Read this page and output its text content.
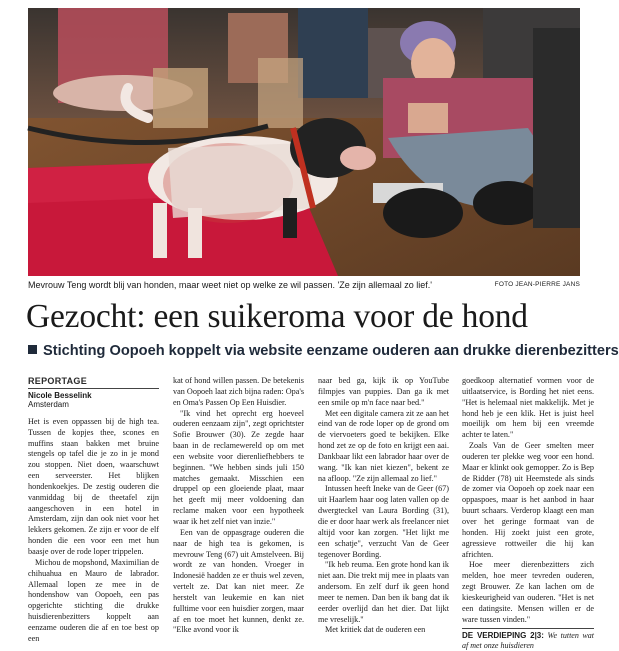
Mevrouw Teng wordt blij van honden, maar weet niet op welke ze wil passen. 'Ze zijn allemaal zo lief.'	FOTO JEAN-PIERRE JANS
Gezocht: een suikeroma voor de hond
Stichting Oopoeh koppelt via website eenzame ouderen aan drukke dierenbezitters
REPORTAGE
Nicole Besselink
Amsterdam

Het is even oppassen bij de high tea. Tussen de kopjes thee, scones en muffins staan bakken met bruine stengels op tafel die je zo in je mond zou stoppen. Niet doen, waarschuwt een serveerster. Het blijken hondenkoekjes. De zestig ouderen die vanmiddag bij de theetafel zijn aangeschoven in een hotel in Amsterdam, zijn dan ook niet voor het lekkers gekomen. Ze zijn er voor de elf honden die een voor een met hun baasje over de rode loper trippelen.

Michou de mopshond, Maximilian de chihuahua en Mauro de labrador. Allemaal lopen ze mee in de hondenshow van Oopoeh, een pas opgerichte stichting die drukke huisdierenbezitters koppelt aan eenzame ouderen die af en toe best op een

kat of hond willen passen. De betekenis van Oopoeh laat zich bijna raden: Opa's en Oma's Passen Op Een Huisdier.

"Ik vind het oprecht erg hoeveel ouderen eenzaam zijn", zegt oprichtster Sofie Brouwer (30). Ze zegde haar baan in de reclamewereld op om met een website voor dierenliefhebbers te beginnen. "We hebben sinds juli 150 matches gemaakt. Misschien een druppel op een gloeiende plaat, maar het geeft mij meer voldoening dan reclame maken voor een hypotheek waar ik het zelf niet van inzie."

Een van de oppasgrage ouderen die naar de high tea is gekomen, is mevrouw Teng (67) uit Amstelveen. Bij wordt ze van honden. Vroeger in Indonesië hadden ze er thuis wel zeven, vertelt ze. Dat kan niet meer. Ze herstelt van leukemie en kan niet fulltime voor een huisdier zorgen, maar af en toe moet het kunnen, denkt ze. "Elke avond voor ik

naar bed ga, kijk ik op YouTube filmpjes van puppies. Dan ga ik met een smile op m'n face naar bed."

Met een digitale camera zit ze aan het eind van de rode loper op de grond om de viervoeters goed te bekijken. Elke hond zet ze op de foto en krijgt een aai. Dankbaar likt een labrador haar over de wang. "Ik kan niet kiezen", bekent ze na afloop. "Ze zijn allemaal zo lief."

Intussen heeft Ineke van de Geer (67) uit Haarlem haar oog laten vallen op de dwergteckel van Laura Bording (31), die er door haar werk als freelancer niet altijd voor kan zorgen. "Het lijkt me een schatje", verzucht Van de Geer tegenover Bording.

"Ik heb reuma. Een grote hond kan ik niet aan. Die trekt mij mee in plaats van andersom. En zelf durf ik geen hond meer te nemen. Dan ben ik bang dat ik eerder overlijd dan het dier. Dat lijkt me vreselijk."

Met kritiek dat de ouderen een

goedkoop alternatief vormen voor de uitlaatservice, is Bording het niet eens. "Het is helemaal niet makkelijk. Met je hond heb je een klik. Het is juist heel moeilijk om hem bij een vreemde achter te laten."

Zoals Van de Geer smelten meer ouderen ter plekke weg voor een hond. Maar er klinkt ook gemopper. Zo is Bep de Ridder (78) uit Heemstede als sinds de zomer via Oopoeh op zoek naar een oppaspoes, maar is het aanbod in haar buurt schaars. Verderop klaagt een man over het geringe formaat van de honden. Hij zoekt juist een grote, agressieve rottweiler die hij kan africhten.

Hoe meer dierenbezitters zich melden, hoe meer tevreden ouderen, zegt Brouwer. Ze kan lachen om de kieskeurigheid van ouderen. "Het is net een datingsite. Mensen willen er de ware tussen vinden."

DE VERDIEPING 2|3: We tutten wat af met onze huisdieren
